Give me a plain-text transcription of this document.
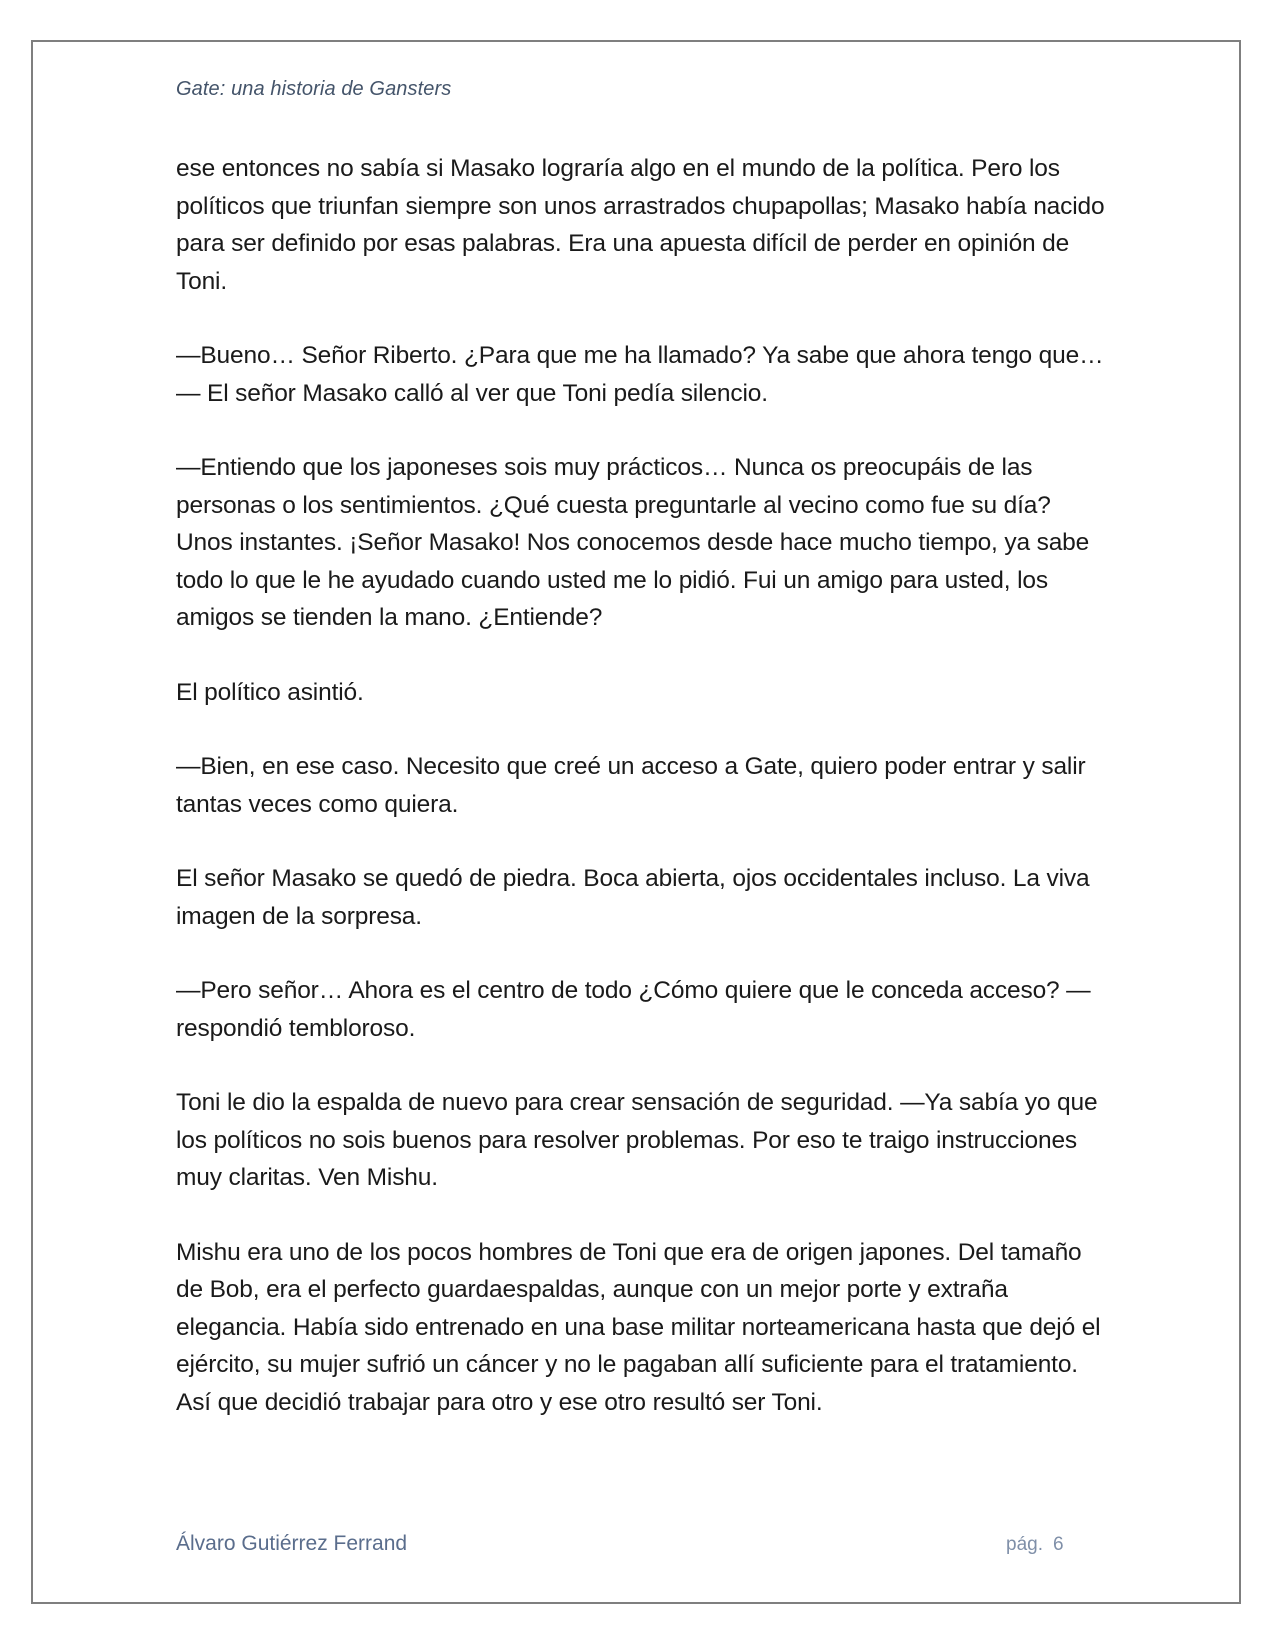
Gate: una historia de Gansters

ese entonces no sabía si Masako lograría algo en el mundo de la política. Pero los políticos que triunfan siempre son unos arrastrados chupapollas; Masako había nacido para ser definido por esas palabras. Era una apuesta difícil de perder en opinión de Toni.

—Bueno… Señor Riberto. ¿Para que me ha llamado? Ya sabe que ahora tengo que… — El señor Masako calló al ver que Toni pedía silencio.

—Entiendo que los japoneses sois muy prácticos… Nunca os preocupáis de las personas o los sentimientos. ¿Qué cuesta preguntarle al vecino como fue su día? Unos instantes. ¡Señor Masako! Nos conocemos desde hace mucho tiempo, ya sabe todo lo que le he ayudado cuando usted me lo pidió. Fui un amigo para usted, los amigos se tienden la mano. ¿Entiende?

El político asintió.

—Bien, en ese caso. Necesito que creé un acceso a Gate, quiero poder entrar y salir tantas veces como quiera.

El señor Masako se quedó de piedra. Boca abierta, ojos occidentales incluso. La viva imagen de la sorpresa.

—Pero señor… Ahora es el centro de todo ¿Cómo quiere que le conceda acceso? —respondió tembloroso.

Toni le dio la espalda de nuevo para crear sensación de seguridad. —Ya sabía yo que los políticos no sois buenos para resolver problemas. Por eso te traigo instrucciones muy claritas. Ven Mishu.

Mishu era uno de los pocos hombres de Toni que era de origen japones. Del tamaño de Bob, era el perfecto guardaespaldas, aunque con un mejor porte y extraña elegancia. Había sido entrenado en una base militar norteamericana hasta que dejó el ejército, su mujer sufrió un cáncer y no le pagaban allí suficiente para el tratamiento. Así que decidió trabajar para otro y ese otro resultó ser Toni.

Álvaro Gutiérrez Ferrand	pág. 6
